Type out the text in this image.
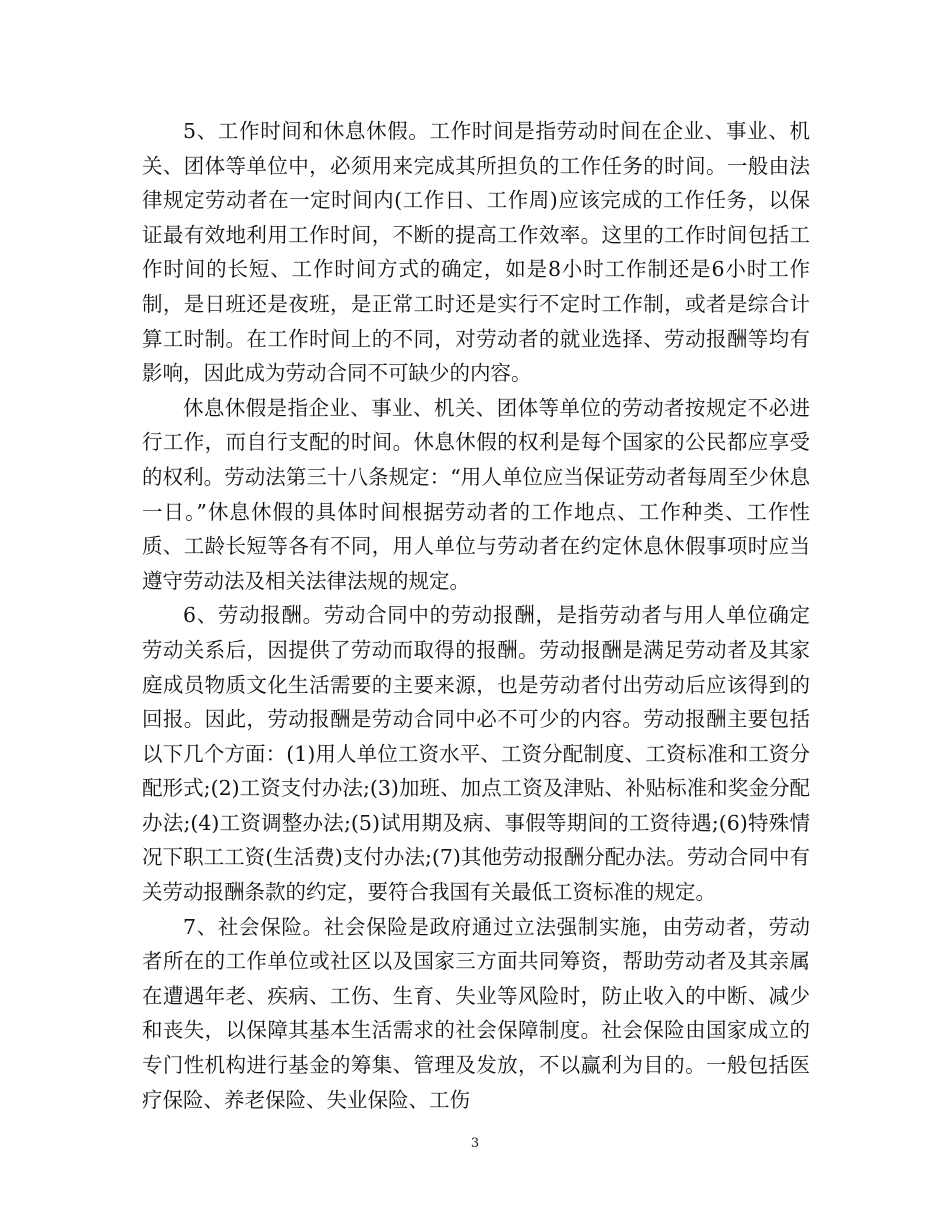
5、工作时间和休息休假。工作时间是指劳动时间在企业、事业、机关、团体等单位中，必须用来完成其所担负的工作任务的时间。一般由法律规定劳动者在一定时间内(工作日、工作周)应该完成的工作任务，以保证最有效地利用工作时间，不断的提高工作效率。这里的工作时间包括工作时间的长短、工作时间方式的确定，如是8小时工作制还是6小时工作制，是日班还是夜班，是正常工时还是实行不定时工作制，或者是综合计算工时制。在工作时间上的不同，对劳动者的就业选择、劳动报酬等均有影响，因此成为劳动合同不可缺少的内容。

休息休假是指企业、事业、机关、团体等单位的劳动者按规定不必进行工作，而自行支配的时间。休息休假的权利是每个国家的公民都应享受的权利。劳动法第三十八条规定：“用人单位应当保证劳动者每周至少休息一日。”休息休假的具体时间根据劳动者的工作地点、工作种类、工作性质、工龄长短等各有不同，用人单位与劳动者在约定休息休假事项时应当遵守劳动法及相关法律法规的规定。

6、劳动报酬。劳动合同中的劳动报酬，是指劳动者与用人单位确定劳动关系后，因提供了劳动而取得的报酬。劳动报酬是满足劳动者及其家庭成员物质文化生活需要的主要来源，也是劳动者付出劳动后应该得到的回报。因此，劳动报酬是劳动合同中必不可少的内容。劳动报酬主要包括以下几个方面：(1)用人单位工资水平、工资分配制度、工资标准和工资分配形式;(2)工资支付办法;(3)加班、加点工资及津贴、补贴标准和奖金分配办法;(4)工资调整办法;(5)试用期及病、事假等期间的工资待遇;(6)特殊情况下职工工资(生活费)支付办法;(7)其他劳动报酬分配办法。劳动合同中有关劳动报酬条款的约定，要符合我国有关最低工资标准的规定。

7、社会保险。社会保险是政府通过立法强制实施，由劳动者，劳动者所在的工作单位或社区以及国家三方面共同筹资，帮助劳动者及其亲属在遭遇年老、疾病、工伤、生育、失业等风险时，防止收入的中断、减少和丧失，以保障其基本生活需求的社会保障制度。社会保险由国家成立的专门性机构进行基金的筹集、管理及发放，不以赢利为目的。一般包括医疗保险、养老保险、失业保险、工伤

3
